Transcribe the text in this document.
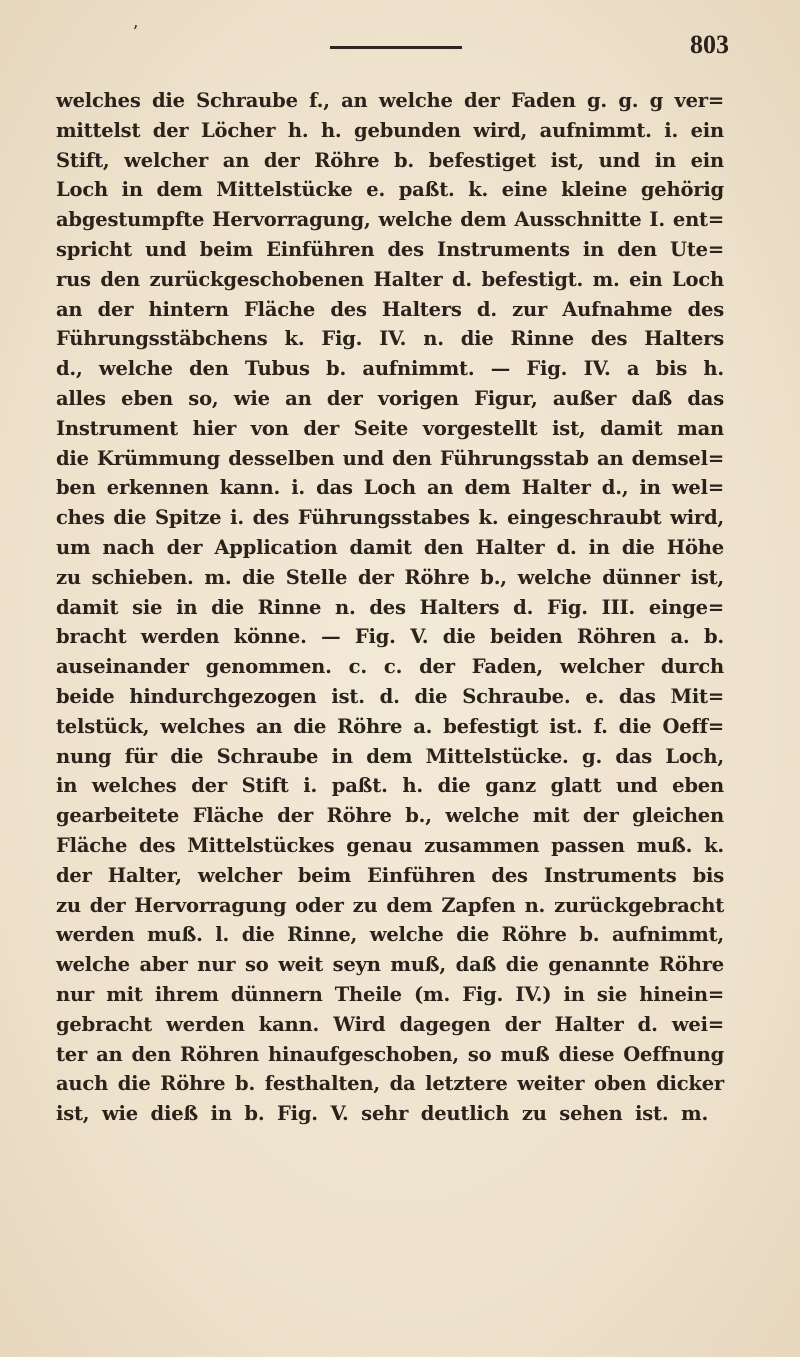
ʼ	803
welches die Schraube f., an welche der Faden g. g. g ver=
mittelst der Löcher h. h. gebunden wird, aufnimmt. i. ein
Stift, welcher an der Röhre b. befestiget ist, und in ein
Loch in dem Mittelstücke e. paßt. k. eine kleine gehörig
abgestumpfte Hervorragung, welche dem Ausschnitte I. ent=
spricht und beim Einführen des Instruments in den Ute=
rus den zurückgeschobenen Halter d. befestigt. m. ein Loch
an der hintern Fläche des Halters d. zur Aufnahme des
Führungsstäbchens k. Fig. IV. n. die Rinne des Halters
d., welche den Tubus b. aufnimmt. — Fig. IV. a bis h.
alles eben so, wie an der vorigen Figur, außer daß das
Instrument hier von der Seite vorgestellt ist, damit man
die Krümmung desselben und den Führungsstab an demsel=
ben erkennen kann. i. das Loch an dem Halter d., in wel=
ches die Spitze i. des Führungsstabes k. eingeschraubt wird,
um nach der Application damit den Halter d. in die Höhe
zu schieben. m. die Stelle der Röhre b., welche dünner ist,
damit sie in die Rinne n. des Halters d. Fig. III. einge=
bracht werden könne. — Fig. V. die beiden Röhren a. b.
auseinander genommen. c. c. der Faden, welcher durch
beide hindurchgezogen ist. d. die Schraube. e. das Mit=
telstück, welches an die Röhre a. befestigt ist. f. die Oeff=
nung für die Schraube in dem Mittelstücke. g. das Loch,
in welches der Stift i. paßt. h. die ganz glatt und eben
gearbeitete Fläche der Röhre b., welche mit der gleichen
Fläche des Mittelstückes genau zusammen passen muß. k.
der Halter, welcher beim Einführen des Instruments bis
zu der Hervorragung oder zu dem Zapfen n. zurückgebracht
werden muß. l. die Rinne, welche die Röhre b. aufnimmt,
welche aber nur so weit seyn muß, daß die genannte Röhre
nur mit ihrem dünnern Theile (m. Fig. IV.) in sie hinein=
gebracht werden kann. Wird dagegen der Halter d. wei=
ter an den Röhren hinaufgeschoben, so muß diese Oeffnung
auch die Röhre b. festhalten, da letztere weiter oben dicker
ist, wie dieß in b. Fig. V. sehr deutlich zu sehen ist. m.
